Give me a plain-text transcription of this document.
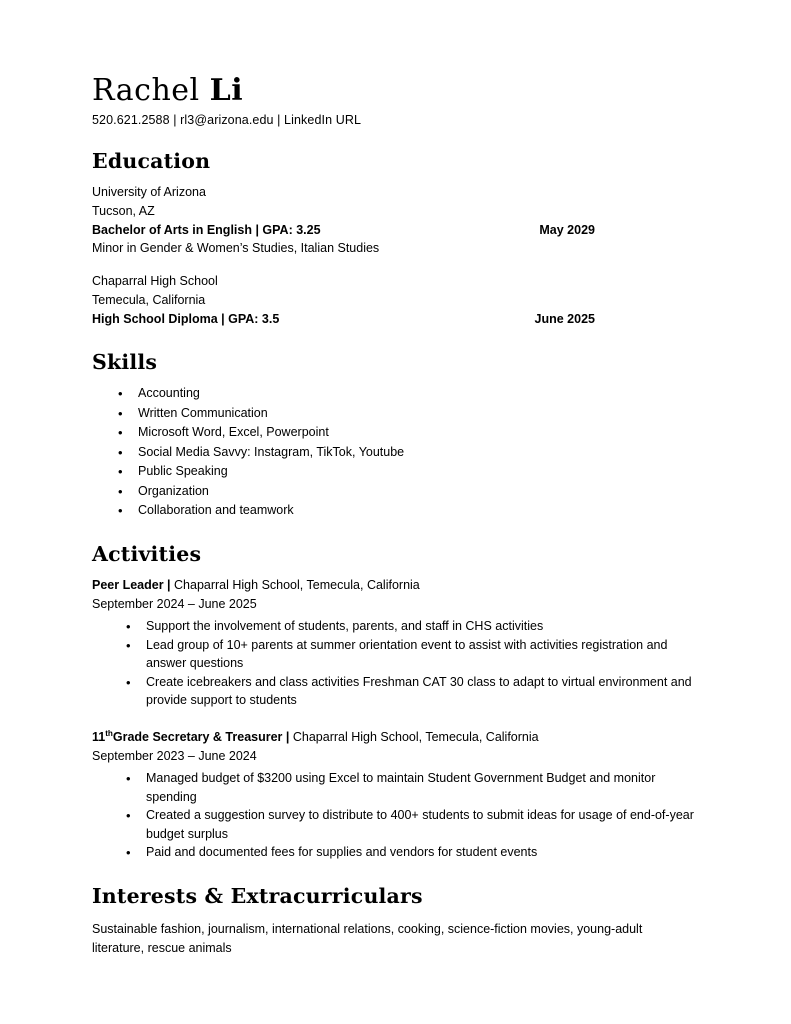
Rachel Li
520.621.2588 | rl3@arizona.edu | LinkedIn URL
Education
University of Arizona
Tucson, AZ
Bachelor of Arts in English | GPA: 3.25	May 2029
Minor in Gender & Women’s Studies, Italian Studies
Chaparral High School
Temecula, California
High School Diploma | GPA: 3.5	June 2025
Skills
• Accounting
• Written Communication
• Microsoft Word, Excel, Powerpoint
• Social Media Savvy: Instagram, TikTok, Youtube
• Public Speaking
• Organization
• Collaboration and teamwork
Activities
Peer Leader | Chaparral High School, Temecula, California
September 2024 – June 2025
• Support the involvement of students, parents, and staff in CHS activities
• Lead group of 10+ parents at summer orientation event to assist with activities registration and answer questions
• Create icebreakers and class activities Freshman CAT 30 class to adapt to virtual environment and provide support to students
11thGrade Secretary & Treasurer | Chaparral High School, Temecula, California
September 2023 – June 2024
• Managed budget of $3200 using Excel to maintain Student Government Budget and monitor spending
• Created a suggestion survey to distribute to 400+ students to submit ideas for usage of end-of-year budget surplus
• Paid and documented fees for supplies and vendors for student events
Interests & Extracurriculars
Sustainable fashion, journalism, international relations, cooking, science-fiction movies, young-adult literature, rescue animals
